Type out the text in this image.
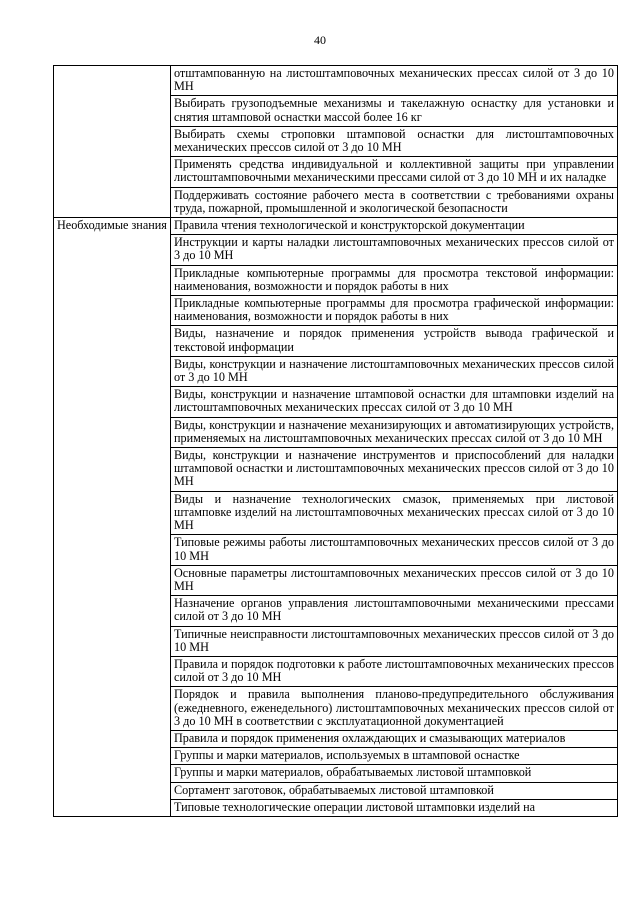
40

	отштампованную на листоштамповочных механических прессах силой от 3 до 10 МН

	Выбирать грузоподъемные механизмы и такелажную оснастку для установки и снятия штамповой оснастки массой более 16 кг

	Выбирать схемы строповки штамповой оснастки для листоштамповочных механических прессов силой от 3 до 10 МН

	Применять средства индивидуальной и коллективной защиты при управлении листоштамповочными механическими прессами силой от 3 до 10 МН и их наладке

	Поддерживать состояние рабочего места в соответствии с требованиями охраны труда, пожарной, промышленной и экологической безопасности

Необходимые знания	Правила чтения технологической и конструкторской документации

	Инструкции и карты наладки листоштамповочных механических прессов силой от 3 до 10 МН

	Прикладные компьютерные программы для просмотра текстовой информации: наименования, возможности и порядок работы в них

	Прикладные компьютерные программы для просмотра графической информации: наименования, возможности и порядок работы в них

	Виды, назначение и порядок применения устройств вывода графической и текстовой информации

	Виды, конструкции и назначение листоштамповочных механических прессов силой от 3 до 10 МН

	Виды, конструкции и назначение штамповой оснастки для штамповки изделий на листоштамповочных механических прессах силой от 3 до 10 МН

	Виды, конструкции и назначение механизирующих и автоматизирующих устройств, применяемых на листоштамповочных механических прессах силой от 3 до 10 МН

	Виды, конструкции и назначение инструментов и приспособлений для наладки штамповой оснастки и листоштамповочных механических прессов силой от 3 до 10 МН

	Виды и назначение технологических смазок, применяемых при листовой штамповке изделий на листоштамповочных механических прессах силой от 3 до 10 МН

	Типовые режимы работы листоштамповочных механических прессов силой от 3 до 10 МН

	Основные параметры листоштамповочных механических прессов силой от 3 до 10 МН

	Назначение органов управления листоштамповочными механическими прессами силой от 3 до 10 МН

	Типичные неисправности листоштамповочных механических прессов силой от 3 до 10 МН

	Правила и порядок подготовки к работе листоштамповочных механических прессов силой от 3 до 10 МН

	Порядок и правила выполнения планово-предупредительного обслуживания (ежедневного, еженедельного) листоштамповочных механических прессов силой от 3 до 10 МН в соответствии с эксплуатационной документацией

	Правила и порядок применения охлаждающих и смазывающих материалов

	Группы и марки материалов, используемых в штамповой оснастке

	Группы и марки материалов, обрабатываемых листовой штамповкой

	Сортамент заготовок, обрабатываемых листовой штамповкой

	Типовые технологические операции листовой штамповки изделий на
